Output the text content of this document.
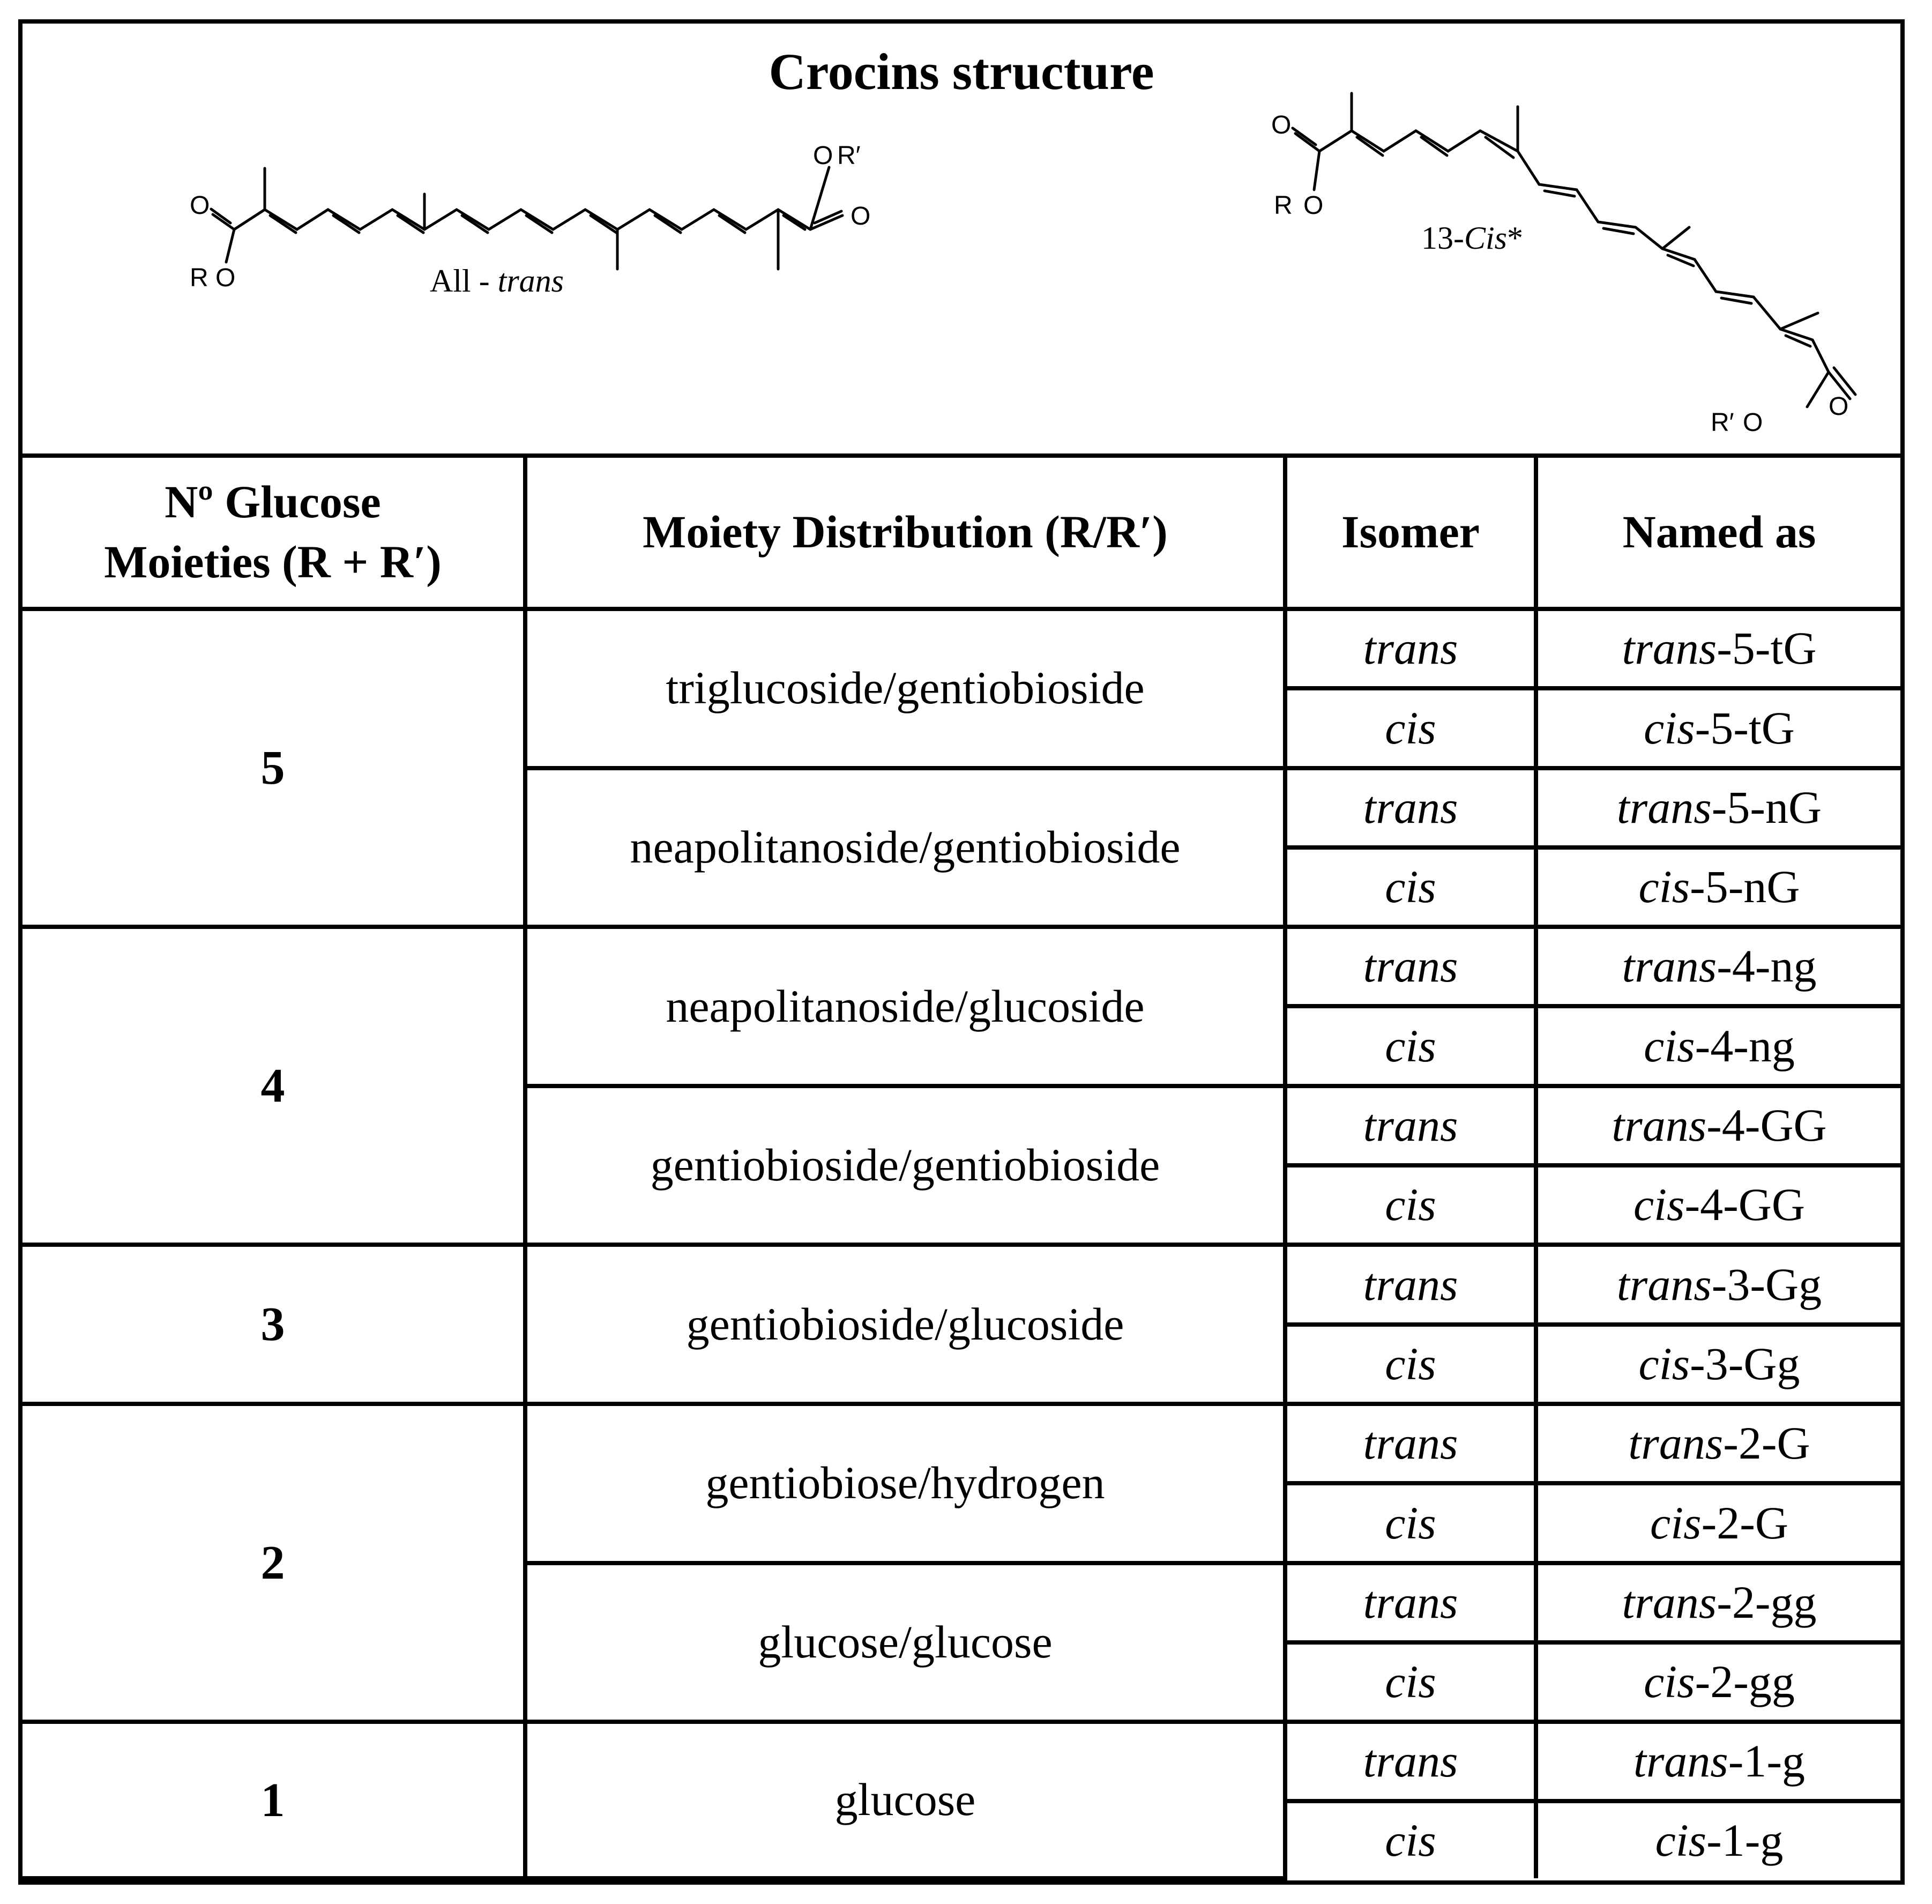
Crocins structure
O
R O
O R′
O
All - trans
O
R O
R′ O
O
13-Cis*
Nº Glucose
Moieties (R + R′)	Moiety Distribution (R/R′)	Isomer	Named as
5	triglucoside/gentiobioside	trans	trans-5-tG
		cis	cis-5-tG
	neapolitanoside/gentiobioside	trans	trans-5-nG
		cis	cis-5-nG
4	neapolitanoside/glucoside	trans	trans-4-ng
		cis	cis-4-ng
	gentiobioside/gentiobioside	trans	trans-4-GG
		cis	cis-4-GG
3	gentiobioside/glucoside	trans	trans-3-Gg
		cis	cis-3-Gg
2	gentiobiose/hydrogen	trans	trans-2-G
		cis	cis-2-G
	glucose/glucose	trans	trans-2-gg
		cis	cis-2-gg
1	glucose	trans	trans-1-g
		cis	cis-1-g
